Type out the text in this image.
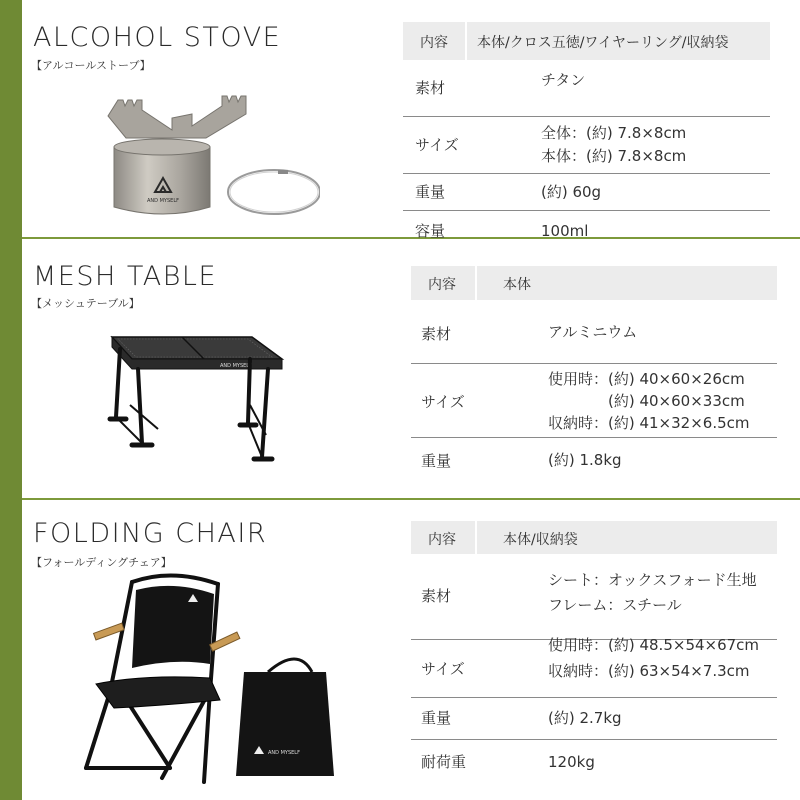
ALCOHOL STOVE
【アルコールストーブ】
AND MYSELF
内容 本体/クロス五徳/ワイヤーリング/収納袋
素材	チタン
サイズ
全体：(約) 7.8×8cm
本体：(約) 7.8×8cm
重量	(約) 60g
容量	100ml
MESH TABLE
【メッシュテーブル】
AND MYSELF
内容	本体
素材	アルミニウム
サイズ
使用時：(約) 40×60×26cm
(約) 40×60×33cm
収納時：(約) 41×32×6.5cm
重量	(約) 1.8kg
FOLDING CHAIR
【フォールディングチェア】
AND MYSELF
内容	本体/収納袋
素材
シート：オックスフォード生地
フレーム：スチール
サイズ
使用時：(約) 48.5×54×67cm
収納時：(約) 63×54×7.3cm
重量	(約) 2.7kg
耐荷重	120kg
